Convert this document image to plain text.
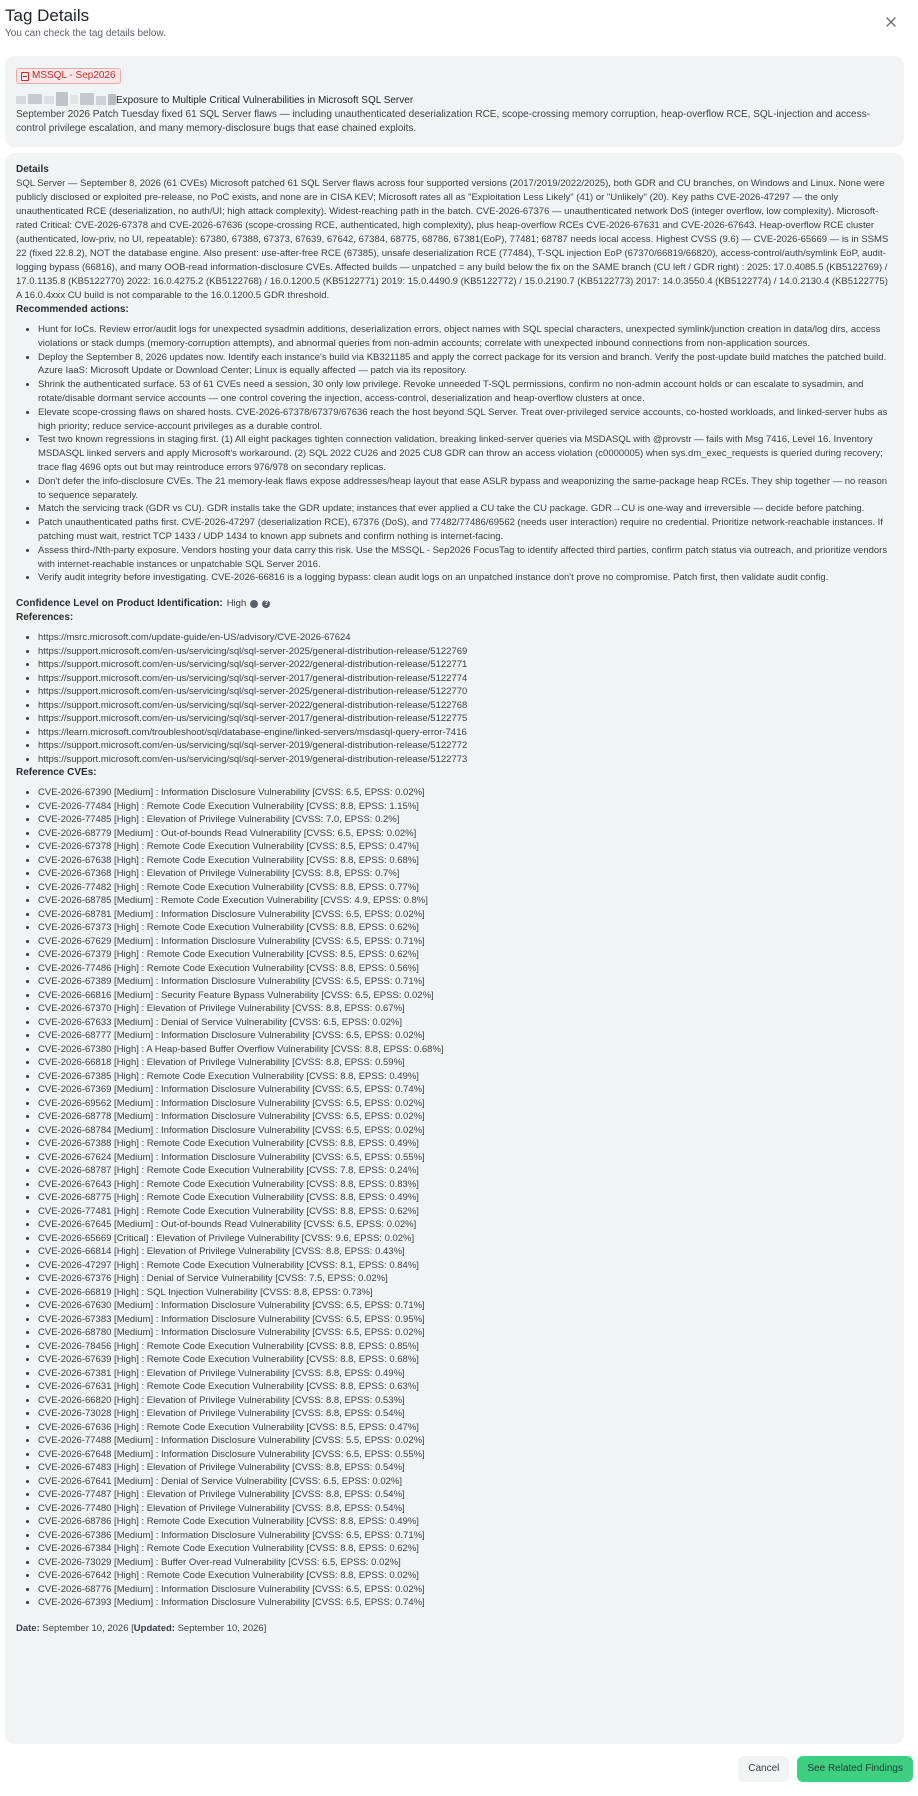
Tag Details
You can check the tag details below.
MSSQL - Sep2026
Exposure to Multiple Critical Vulnerabilities in Microsoft SQL Server
September 2026 Patch Tuesday fixed 61 SQL Server flaws — including unauthenticated deserialization RCE, scope-crossing memory corruption, heap-overflow RCE, SQL-injection and access-control privilege escalation, and many memory-disclosure bugs that ease chained exploits.
Details

SQL Server — September 8, 2026 (61 CVEs) Microsoft patched 61 SQL Server flaws across four supported versions (2017/2019/2022/2025), both GDR and CU branches, on Windows and Linux. None were publicly disclosed or exploited pre-release, no PoC exists, and none are in CISA KEV; Microsoft rates all as "Exploitation Less Likely" (41) or "Unlikely" (20). Key paths CVE-2026-47297 — the only unauthenticated RCE (deserialization, no auth/UI; high attack complexity). Widest-reaching path in the batch. CVE-2026-67376 — unauthenticated network DoS (integer overflow, low complexity). Microsoft-rated Critical: CVE-2026-67378 and CVE-2026-67636 (scope-crossing RCE, authenticated, high complexity), plus heap-overflow RCEs CVE-2026-67631 and CVE-2026-67643. Heap-overflow RCE cluster (authenticated, low-priv, no UI, repeatable): 67380, 67388, 67373, 67639, 67642, 67384, 68775, 68786, 67381(EoP), 77481; 68787 needs local access. Highest CVSS (9.6) — CVE-2026-65669 — is in SSMS 22 (fixed 22.8.2), NOT the database engine. Also present: use-after-free RCE (67385), unsafe deserialization RCE (77484), T-SQL injection EoP (67370/66819/66820), access-control/auth/symlink EoP, audit-logging bypass (66816), and many OOB-read information-disclosure CVEs. Affected builds — unpatched = any build below the fix on the SAME branch (CU left / GDR right) : 2025: 17.0.4085.5 (KB5122769) / 17.0.1135.8 (KB5122770) 2022: 16.0.4275.2 (KB5122768) / 16.0.1200.5 (KB5122771) 2019: 15.0.4490.9 (KB5122772) / 15.0.2190.7 (KB5122773) 2017: 14.0.3550.4 (KB5122774) / 14.0.2130.4 (KB5122775) A 16.0.4xxx CU build is not comparable to the 16.0.1200.5 GDR threshold.

Recommended actions:
• Hunt for IoCs. Review error/audit logs for unexpected sysadmin additions, deserialization errors, object names with SQL special characters, unexpected symlink/junction creation in data/log dirs, access violations or stack dumps (memory-corruption attempts), and abnormal queries from non-admin accounts; correlate with unexpected inbound connections from non-application sources.
• Deploy the September 8, 2026 updates now. Identify each instance's build via KB321185 and apply the correct package for its version and branch. Verify the post-update build matches the patched build. Azure IaaS: Microsoft Update or Download Center; Linux is equally affected — patch via its repository.
• Shrink the authenticated surface. 53 of 61 CVEs need a session, 30 only low privilege. Revoke unneeded T-SQL permissions, confirm no non-admin account holds or can escalate to sysadmin, and rotate/disable dormant service accounts — one control covering the injection, access-control, deserialization and heap-overflow clusters at once.
• Elevate scope-crossing flaws on shared hosts. CVE-2026-67378/67379/67636 reach the host beyond SQL Server. Treat over-privileged service accounts, co-hosted workloads, and linked-server hubs as high priority; reduce service-account privileges as a durable control.
• Test two known regressions in staging first. (1) All eight packages tighten connection validation, breaking linked-server queries via MSDASQL with @provstr — fails with Msg 7416, Level 16. Inventory MSDASQL linked servers and apply Microsoft's workaround. (2) SQL 2022 CU26 and 2025 CU8 GDR can throw an access violation (c0000005) when sys.dm_exec_requests is queried during recovery; trace flag 4696 opts out but may reintroduce errors 976/978 on secondary replicas.
• Don't defer the info-disclosure CVEs. The 21 memory-leak flaws expose addresses/heap layout that ease ASLR bypass and weaponizing the same-package heap RCEs. They ship together — no reason to sequence separately.
• Match the servicing track (GDR vs CU). GDR installs take the GDR update; instances that ever applied a CU take the CU package. GDR→CU is one-way and irreversible — decide before patching.
• Patch unauthenticated paths first. CVE-2026-47297 (deserialization RCE), 67376 (DoS), and 77482/77486/69562 (needs user interaction) require no credential. Prioritize network-reachable instances. If patching must wait, restrict TCP 1433 / UDP 1434 to known app subnets and confirm nothing is internet-facing.
• Assess third-/Nth-party exposure. Vendors hosting your data carry this risk. Use the MSSQL - Sep2026 FocusTag to identify affected third parties, confirm patch status via outreach, and prioritize vendors with internet-reachable instances or unpatchable SQL Server 2016.
• Verify audit integrity before investigating. CVE-2026-66816 is a logging bypass: clean audit logs on an unpatched instance don't prove no compromise. Patch first, then validate audit config.
Confidence Level on Product Identification: High	?
References:
• https://msrc.microsoft.com/update-guide/en-US/advisory/CVE-2026-67624
• https://support.microsoft.com/en-us/servicing/sql/sql-server-2025/general-distribution-release/5122769
• https://support.microsoft.com/en-us/servicing/sql/sql-server-2022/general-distribution-release/5122771
• https://support.microsoft.com/en-us/servicing/sql/sql-server-2017/general-distribution-release/5122774
• https://support.microsoft.com/en-us/servicing/sql/sql-server-2025/general-distribution-release/5122770
• https://support.microsoft.com/en-us/servicing/sql/sql-server-2022/general-distribution-release/5122768
• https://support.microsoft.com/en-us/servicing/sql/sql-server-2017/general-distribution-release/5122775
• https://learn.microsoft.com/troubleshoot/sql/database-engine/linked-servers/msdasql-query-error-7416
• https://support.microsoft.com/en-us/servicing/sql/sql-server-2019/general-distribution-release/5122772
• https://support.microsoft.com/en-us/servicing/sql/sql-server-2019/general-distribution-release/5122773
Reference CVEs:
• CVE-2026-67390 [Medium] : Information Disclosure Vulnerability [CVSS: 6.5, EPSS: 0.02%]
• CVE-2026-77484 [High] : Remote Code Execution Vulnerability [CVSS: 8.8, EPSS: 1.15%]
• CVE-2026-77485 [High] : Elevation of Privilege Vulnerability [CVSS: 7.0, EPSS: 0.2%]
• CVE-2026-68779 [Medium] : Out-of-bounds Read Vulnerability [CVSS: 6.5, EPSS: 0.02%]
• CVE-2026-67378 [High] : Remote Code Execution Vulnerability [CVSS: 8.5, EPSS: 0.47%]
• CVE-2026-67638 [High] : Remote Code Execution Vulnerability [CVSS: 8.8, EPSS: 0.68%]
• CVE-2026-67368 [High] : Elevation of Privilege Vulnerability [CVSS: 8.8, EPSS: 0.7%]
• CVE-2026-77482 [High] : Remote Code Execution Vulnerability [CVSS: 8.8, EPSS: 0.77%]
• CVE-2026-68785 [Medium] : Remote Code Execution Vulnerability [CVSS: 4.9, EPSS: 0.8%]
• CVE-2026-68781 [Medium] : Information Disclosure Vulnerability [CVSS: 6.5, EPSS: 0.02%]
• CVE-2026-67373 [High] : Remote Code Execution Vulnerability [CVSS: 8.8, EPSS: 0.62%]
• CVE-2026-67629 [Medium] : Information Disclosure Vulnerability [CVSS: 6.5, EPSS: 0.71%]
• CVE-2026-67379 [High] : Remote Code Execution Vulnerability [CVSS: 8.5, EPSS: 0.62%]
• CVE-2026-77486 [High] : Remote Code Execution Vulnerability [CVSS: 8.8, EPSS: 0.56%]
• CVE-2026-67389 [Medium] : Information Disclosure Vulnerability [CVSS: 6.5, EPSS: 0.71%]
• CVE-2026-66816 [Medium] : Security Feature Bypass Vulnerability [CVSS: 6.5, EPSS: 0.02%]
• CVE-2026-67370 [High] : Elevation of Privilege Vulnerability [CVSS: 8.8, EPSS: 0.67%]
• CVE-2026-67633 [Medium] : Denial of Service Vulnerability [CVSS: 6.5, EPSS: 0.02%]
• CVE-2026-68777 [Medium] : Information Disclosure Vulnerability [CVSS: 6.5, EPSS: 0.02%]
• CVE-2026-67380 [High] : A Heap-based Buffer Overflow Vulnerability [CVSS: 8.8, EPSS: 0.68%]
• CVE-2026-66818 [High] : Elevation of Privilege Vulnerability [CVSS: 8.8, EPSS: 0.59%]
• CVE-2026-67385 [High] : Remote Code Execution Vulnerability [CVSS: 8.8, EPSS: 0.49%]
• CVE-2026-67369 [Medium] : Information Disclosure Vulnerability [CVSS: 6.5, EPSS: 0.74%]
• CVE-2026-69562 [Medium] : Information Disclosure Vulnerability [CVSS: 6.5, EPSS: 0.02%]
• CVE-2026-68778 [Medium] : Information Disclosure Vulnerability [CVSS: 6.5, EPSS: 0.02%]
• CVE-2026-68784 [Medium] : Information Disclosure Vulnerability [CVSS: 6.5, EPSS: 0.02%]
• CVE-2026-67388 [High] : Remote Code Execution Vulnerability [CVSS: 8.8, EPSS: 0.49%]
• CVE-2026-67624 [Medium] : Information Disclosure Vulnerability [CVSS: 6.5, EPSS: 0.55%]
• CVE-2026-68787 [High] : Remote Code Execution Vulnerability [CVSS: 7.8, EPSS: 0.24%]
• CVE-2026-67643 [High] : Remote Code Execution Vulnerability [CVSS: 8.8, EPSS: 0.83%]
• CVE-2026-68775 [High] : Remote Code Execution Vulnerability [CVSS: 8.8, EPSS: 0.49%]
• CVE-2026-77481 [High] : Remote Code Execution Vulnerability [CVSS: 8.8, EPSS: 0.62%]
• CVE-2026-67645 [Medium] : Out-of-bounds Read Vulnerability [CVSS: 6.5, EPSS: 0.02%]
• CVE-2026-65669 [Critical] : Elevation of Privilege Vulnerability [CVSS: 9.6, EPSS: 0.02%]
• CVE-2026-66814 [High] : Elevation of Privilege Vulnerability [CVSS: 8.8, EPSS: 0.43%]
• CVE-2026-47297 [High] : Remote Code Execution Vulnerability [CVSS: 8.1, EPSS: 0.84%]
• CVE-2026-67376 [High] : Denial of Service Vulnerability [CVSS: 7.5, EPSS: 0.02%]
• CVE-2026-66819 [High] : SQL Injection Vulnerability [CVSS: 8.8, EPSS: 0.73%]
• CVE-2026-67630 [Medium] : Information Disclosure Vulnerability [CVSS: 6.5, EPSS: 0.71%]
• CVE-2026-67383 [Medium] : Information Disclosure Vulnerability [CVSS: 6.5, EPSS: 0.95%]
• CVE-2026-68780 [Medium] : Information Disclosure Vulnerability [CVSS: 6.5, EPSS: 0.02%]
• CVE-2026-78456 [High] : Remote Code Execution Vulnerability [CVSS: 8.8, EPSS: 0.85%]
• CVE-2026-67639 [High] : Remote Code Execution Vulnerability [CVSS: 8.8, EPSS: 0.68%]
• CVE-2026-67381 [High] : Elevation of Privilege Vulnerability [CVSS: 8.8, EPSS: 0.49%]
• CVE-2026-67631 [High] : Remote Code Execution Vulnerability [CVSS: 8.8, EPSS: 0.63%]
• CVE-2026-66820 [High] : Elevation of Privilege Vulnerability [CVSS: 8.8, EPSS: 0.53%]
• CVE-2026-73028 [High] : Elevation of Privilege Vulnerability [CVSS: 8.8, EPSS: 0.54%]
• CVE-2026-67636 [High] : Remote Code Execution Vulnerability [CVSS: 8.5, EPSS: 0.47%]
• CVE-2026-77488 [Medium] : Information Disclosure Vulnerability [CVSS: 5.5, EPSS: 0.02%]
• CVE-2026-67648 [Medium] : Information Disclosure Vulnerability [CVSS: 6.5, EPSS: 0.55%]
• CVE-2026-67483 [High] : Elevation of Privilege Vulnerability [CVSS: 8.8, EPSS: 0.54%]
• CVE-2026-67641 [Medium] : Denial of Service Vulnerability [CVSS: 6.5, EPSS: 0.02%]
• CVE-2026-77487 [High] : Elevation of Privilege Vulnerability [CVSS: 8.8, EPSS: 0.54%]
• CVE-2026-77480 [High] : Elevation of Privilege Vulnerability [CVSS: 8.8, EPSS: 0.54%]
• CVE-2026-68786 [High] : Remote Code Execution Vulnerability [CVSS: 8.8, EPSS: 0.49%]
• CVE-2026-67386 [Medium] : Information Disclosure Vulnerability [CVSS: 6.5, EPSS: 0.71%]
• CVE-2026-67384 [High] : Remote Code Execution Vulnerability [CVSS: 8.8, EPSS: 0.62%]
• CVE-2026-73029 [Medium] : Buffer Over-read Vulnerability [CVSS: 6.5, EPSS: 0.02%]
• CVE-2026-67642 [High] : Remote Code Execution Vulnerability [CVSS: 8.8, EPSS: 0.02%]
• CVE-2026-68776 [Medium] : Information Disclosure Vulnerability [CVSS: 6.5, EPSS: 0.02%]
• CVE-2026-67393 [Medium] : Information Disclosure Vulnerability [CVSS: 6.5, EPSS: 0.74%]
Date: September 10, 2026 [Updated: September 10, 2026]
Cancel	See Related Findings
